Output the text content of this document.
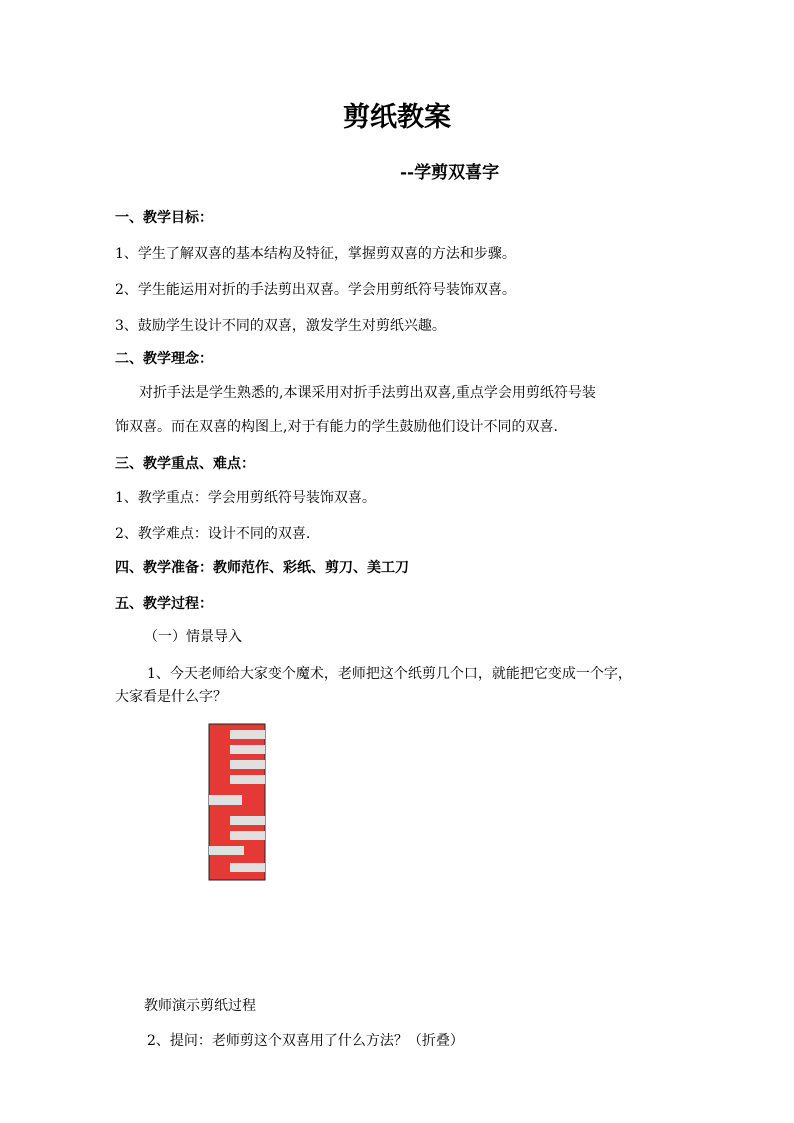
剪纸教案
--学剪双喜字
一、教学目标：
1、学生了解双喜的基本结构及特征，掌握剪双喜的方法和步骤。
2、学生能运用对折的手法剪出双喜。学会用剪纸符号装饰双喜。
3、鼓励学生设计不同的双喜，激发学生对剪纸兴趣。
二、教学理念：
对折手法是学生熟悉的,本课采用对折手法剪出双喜,重点学会用剪纸符号装
饰双喜。而在双喜的构图上,对于有能力的学生鼓励他们设计不同的双喜.
三、教学重点、难点：
1、教学重点：学会用剪纸符号装饰双喜。
2、教学难点：设计不同的双喜.
四、教学准备：教师范作、彩纸、剪刀、美工刀
五、教学过程：
（一）情景导入
1、今天老师给大家变个魔术，老师把这个纸剪几个口，就能把它变成一个字，
大家看是什么字？
教师演示剪纸过程
2、提问：老师剪这个双喜用了什么方法？（折叠）
